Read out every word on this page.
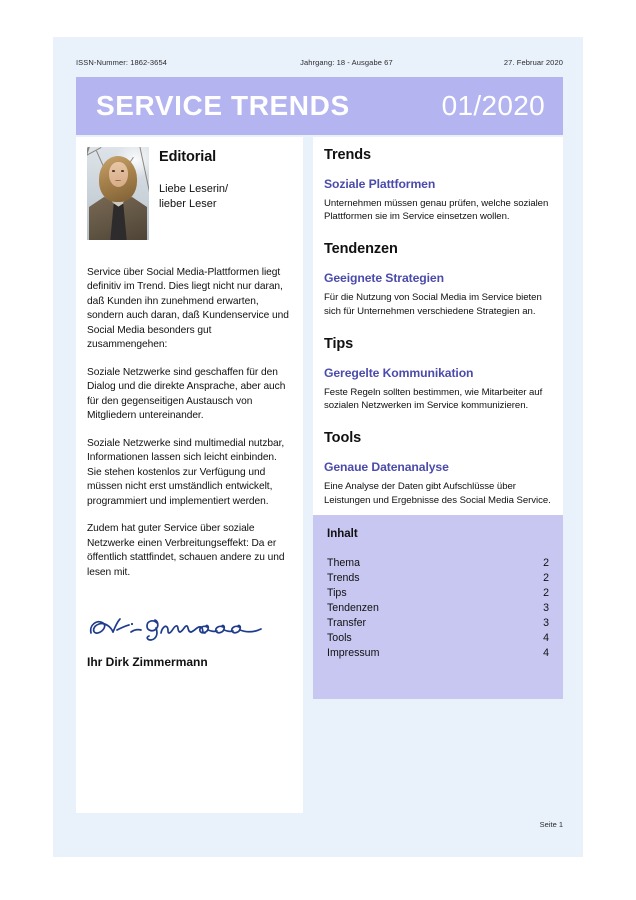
ISSN-Nummer: 1862-3654	Jahrgang: 18 - Ausgabe 67	27. Februar 2020
SERVICE TRENDS	01/2020
Editorial
Liebe Leserin/
lieber Leser

Service über Social Media-Plattformen liegt definitiv im Trend. Dies liegt nicht nur daran, daß Kunden ihn zunehmend erwarten, sondern auch daran, daß Kundenservice und Social Media besonders gut zusammengehen:

Soziale Netzwerke sind geschaffen für den Dialog und die direkte Ansprache, aber auch für den gegenseitigen Austausch von Mitgliedern untereinander.

Soziale Netzwerke sind multimedial nutzbar, Informationen lassen sich leicht einbinden. Sie stehen kostenlos zur Verfügung und müssen nicht erst umständlich entwickelt, programmiert und implementiert werden.

Zudem hat guter Service über soziale Netzwerke einen Verbreitungseffekt: Da er öffentlich stattfindet, schauen andere zu und lesen mit.

Ihr Dirk Zimmermann
Trends
Soziale Plattformen

Unternehmen müssen genau prüfen, welche sozialen Plattformen sie im Service einsetzen wollen.

Tendenzen
Geeignete Strategien

Für die Nutzung von Social Media im Service bieten sich für Unternehmen verschiedene Strategien an.

Tips
Geregelte Kommunikation

Feste Regeln sollten bestimmen, wie Mitarbeiter auf sozialen Netzwerken im Service kommunizieren.

Tools
Genaue Datenanalyse

Eine Analyse der Daten gibt Aufschlüsse über Leistungen und Ergebnisse des Social Media Service.

Inhalt
Thema	2
Trends	2
Tips	2
Tendenzen	3
Transfer	3
Tools	4
Impressum	4
Seite 1
